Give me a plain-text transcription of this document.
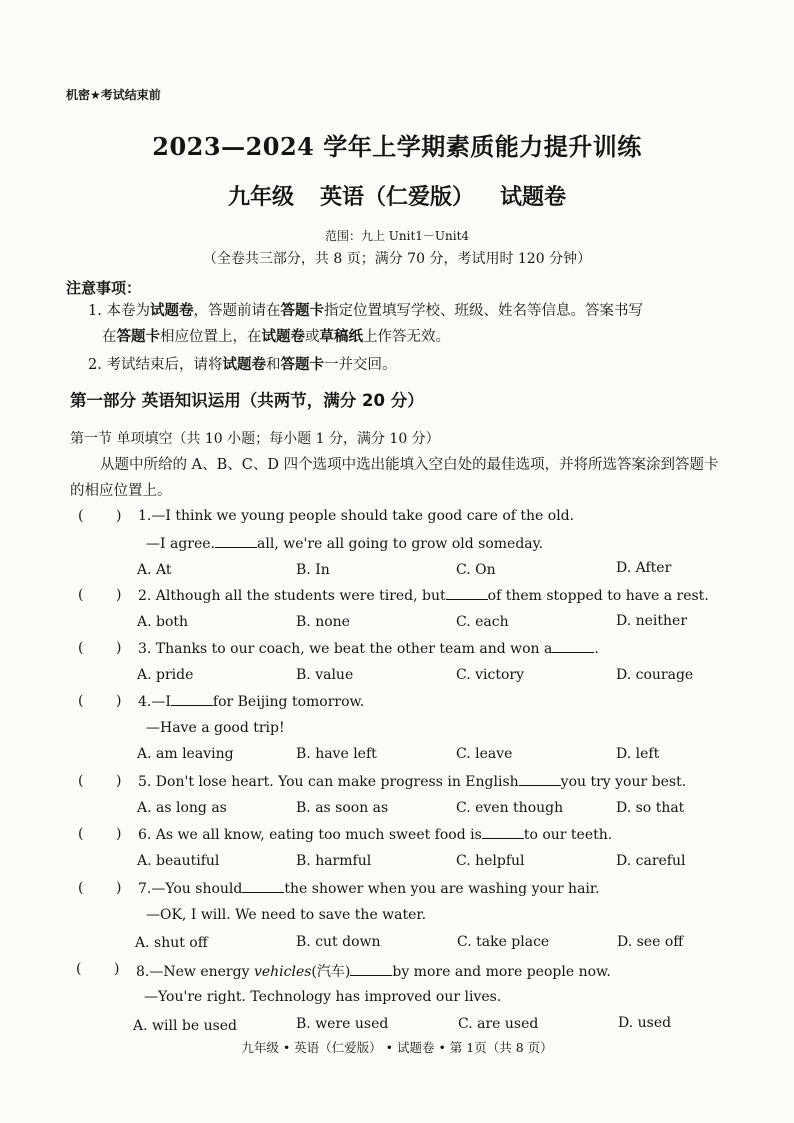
机密★考试结束前
2023—2024 学年上学期素质能力提升训练
九年级 英语（仁爱版） 试题卷
范围：九上 Unit1－Unit4
（全卷共三部分，共 8 页；满分 70 分，考试用时 120 分钟）
注意事项：
1. 本卷为试题卷，答题前请在答题卡指定位置填写学校、班级、姓名等信息。答案书写
在答题卡相应位置上，在试题卷或草稿纸上作答无效。
2. 考试结束后，请将试题卷和答题卡一并交回。
第一部分 英语知识运用（共两节，满分 20 分）
第一节 单项填空（共 10 小题；每小题 1 分，满分 10 分）
从题中所给的 A、B、C、D 四个选项中选出能填入空白处的最佳选项，并将所选答案涂到答题卡的相应位置上。
( ) 1.—I think we young people should take good care of the old.
—I agree.	all, we're all going to grow old someday.
A. At	B. In	C. On	D. After
( ) 2. Although all the students were tired, but	of them stopped to have a rest.
A. both	B. none	C. each	D. neither
( ) 3. Thanks to our coach, we beat the other team and won a	.
A. pride	B. value	C. victory	D. courage
( ) 4.—I	for Beijing tomorrow.
—Have a good trip!
A. am leaving	B. have left	C. leave	D. left
( ) 5. Don't lose heart. You can make progress in English	you try your best.
A. as long as	B. as soon as	C. even though	D. so that
( ) 6. As we all know, eating too much sweet food is	to our teeth.
A. beautiful	B. harmful	C. helpful	D. careful
( ) 7.—You should	the shower when you are washing your hair.
—OK, I will. We need to save the water.
A. shut off	B. cut down	C. take place	D. see off
( ) 8.—New energy vehicles(汽车)	by more and more people now.
—You're right. Technology has improved our lives.
A. will be used	B. were used	C. are used	D. used
九年级 • 英语（仁爱版） • 试题卷 • 第 1页（共 8 页）
